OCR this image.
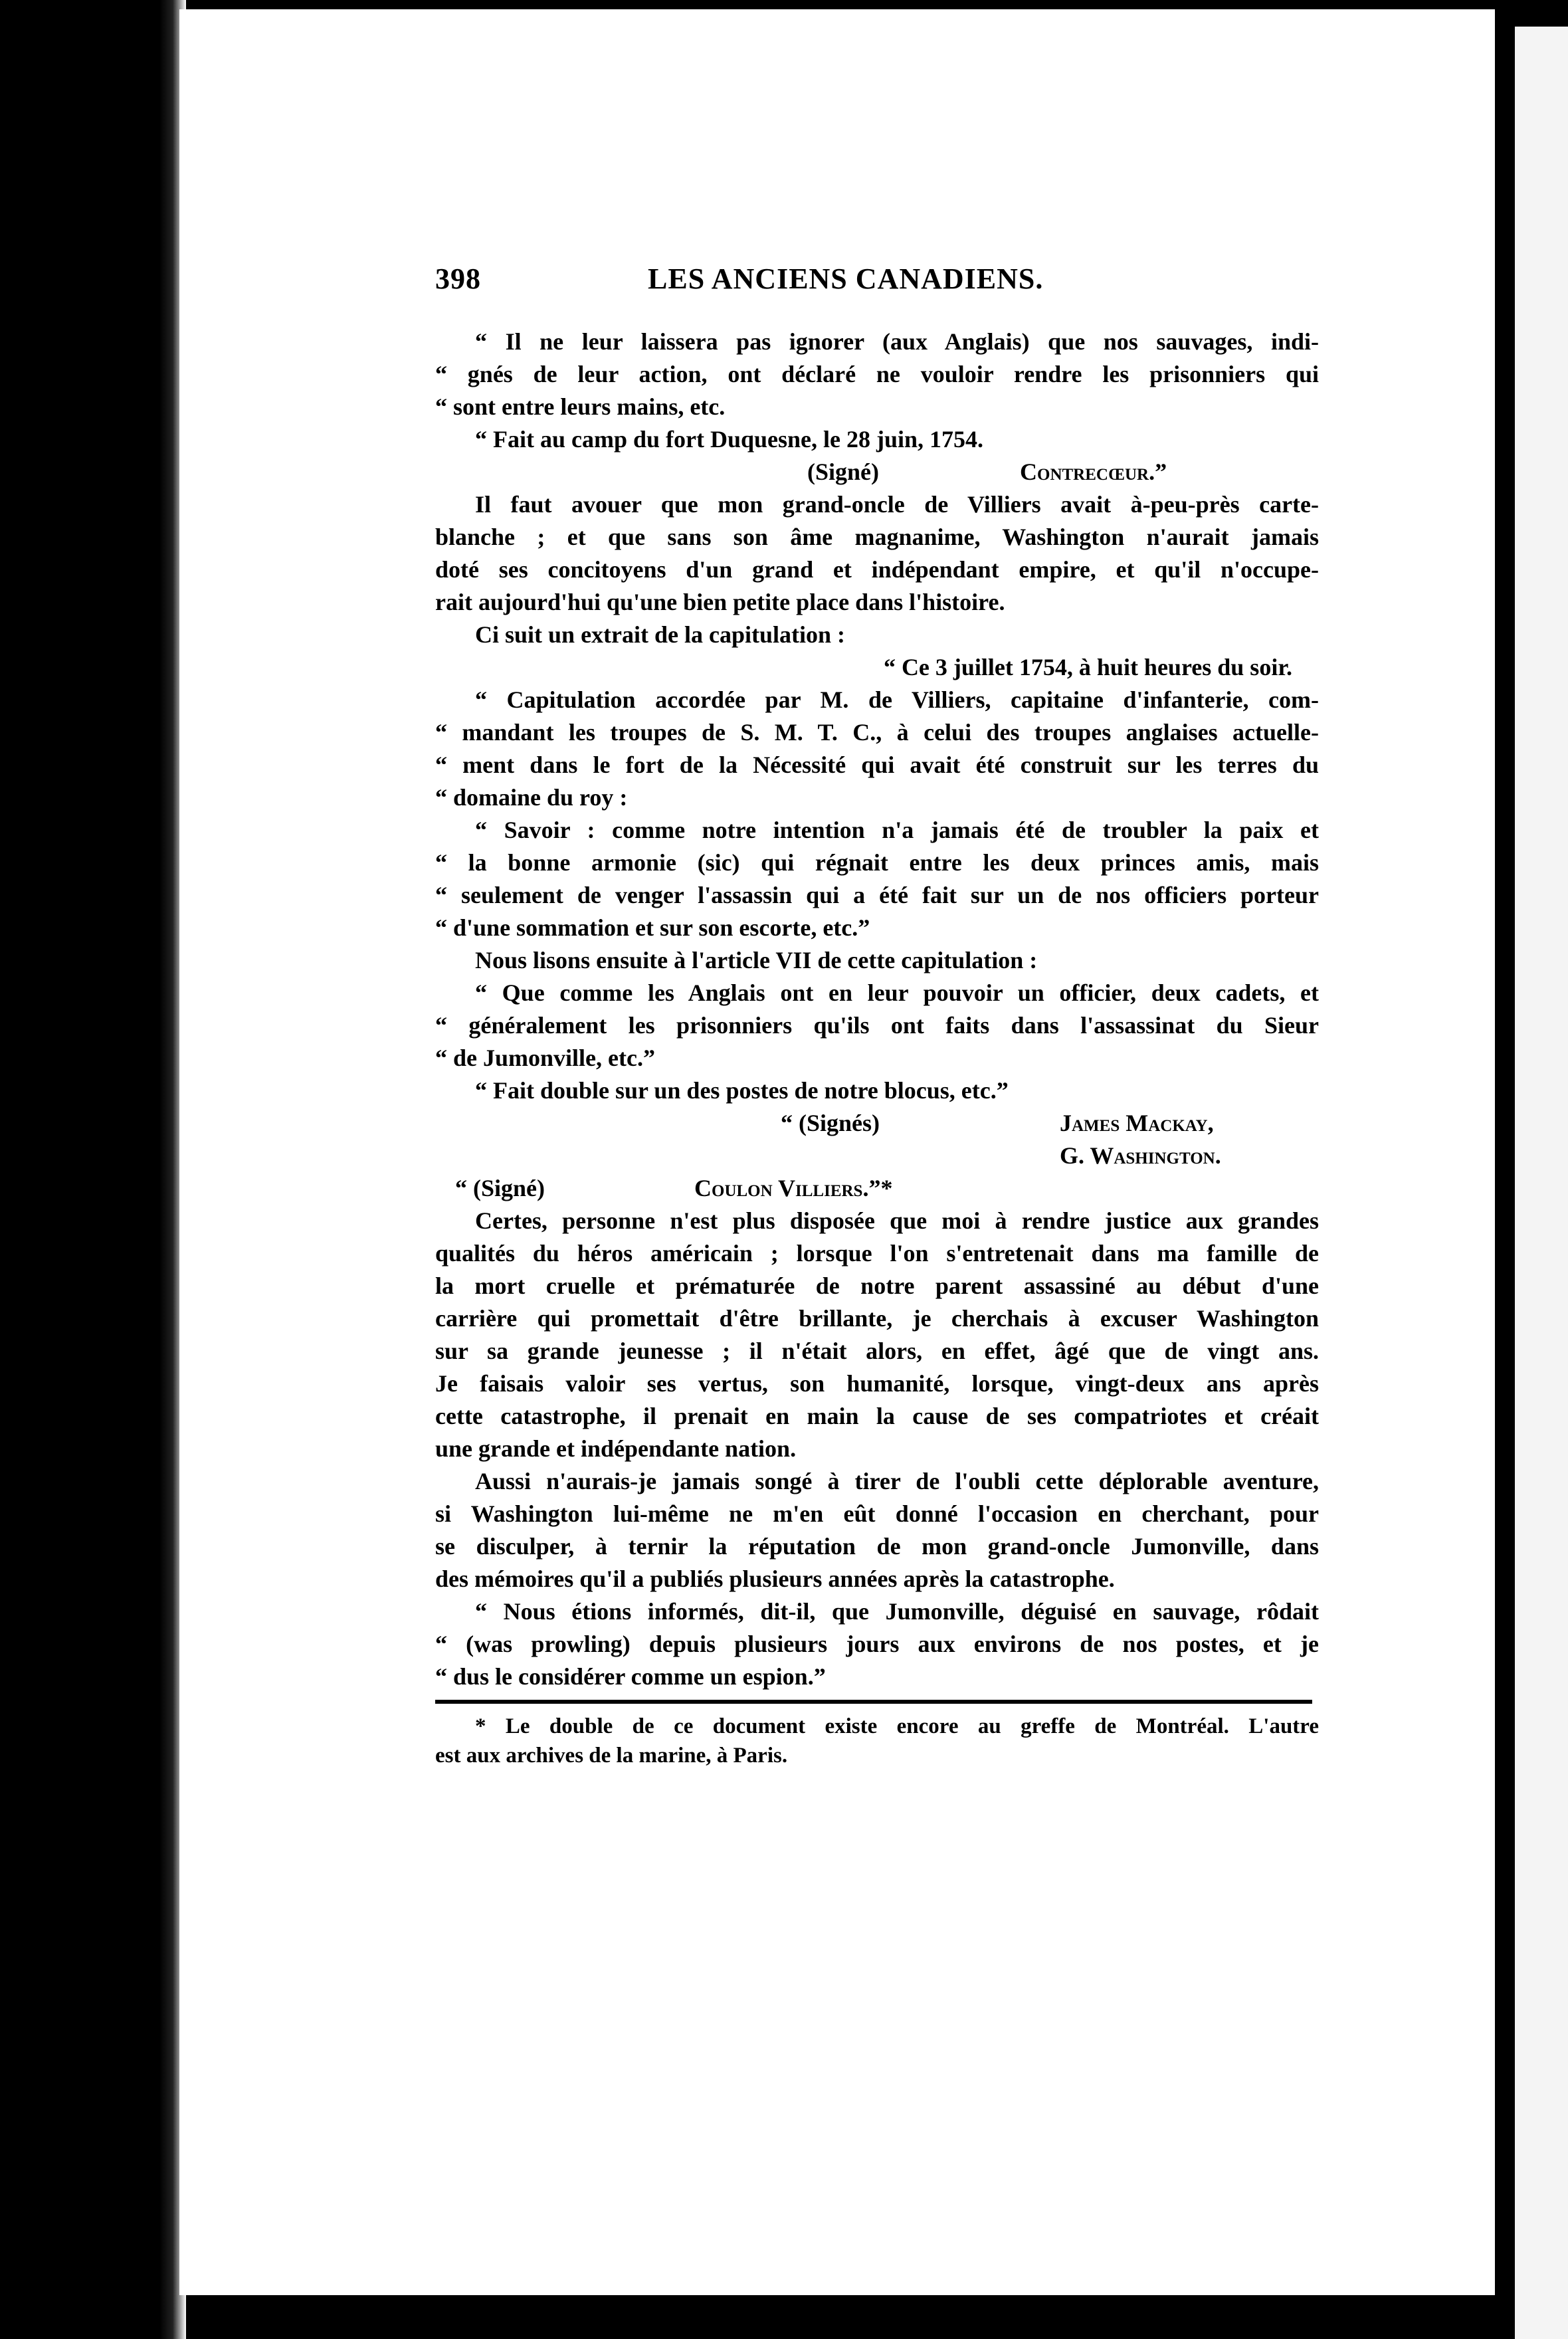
398	LES ANCIENS CANADIENS.
“ Il ne leur laissera pas ignorer (aux Anglais) que nos sauvages, indi-
“ gnés de leur action, ont déclaré ne vouloir rendre les prisonniers qui
“ sont entre leurs mains, etc.
“ Fait au camp du fort Duquesne, le 28 juin, 1754.
(Signé)	Contrecœur.”
Il faut avouer que mon grand-oncle de Villiers avait à-peu-près carte-
blanche ; et que sans son âme magnanime, Washington n'aurait jamais
doté ses concitoyens d'un grand et indépendant empire, et qu'il n'occupe-
rait aujourd'hui qu'une bien petite place dans l'histoire.
Ci suit un extrait de la capitulation :
“ Ce 3 juillet 1754, à huit heures du soir.
“ Capitulation accordée par M. de Villiers, capitaine d'infanterie, com-
“ mandant les troupes de S. M. T. C., à celui des troupes anglaises actuelle-
“ ment dans le fort de la Nécessité qui avait été construit sur les terres du
“ domaine du roy :
“ Savoir : comme notre intention n'a jamais été de troubler la paix et
“ la bonne armonie (sic) qui régnait entre les deux princes amis, mais
“ seulement de venger l'assassin qui a été fait sur un de nos officiers porteur
“ d'une sommation et sur son escorte, etc.”
Nous lisons ensuite à l'article VII de cette capitulation :
“ Que comme les Anglais ont en leur pouvoir un officier, deux cadets, et
“ généralement les prisonniers qu'ils ont faits dans l'assassinat du Sieur
“ de Jumonville, etc.”
“ Fait double sur un des postes de notre blocus, etc.”
“ (Signés)	James Mackay,
G. Washington.
“ (Signé)	Coulon Villiers.”*
Certes, personne n'est plus disposée que moi à rendre justice aux grandes
qualités du héros américain ; lorsque l'on s'entretenait dans ma famille de
la mort cruelle et prématurée de notre parent assassiné au début d'une
carrière qui promettait d'être brillante, je cherchais à excuser Washington
sur sa grande jeunesse ; il n'était alors, en effet, âgé que de vingt ans.
Je faisais valoir ses vertus, son humanité, lorsque, vingt-deux ans après
cette catastrophe, il prenait en main la cause de ses compatriotes et créait
une grande et indépendante nation.
Aussi n'aurais-je jamais songé à tirer de l'oubli cette déplorable aventure,
si Washington lui-même ne m'en eût donné l'occasion en cherchant, pour
se disculper, à ternir la réputation de mon grand-oncle Jumonville, dans
des mémoires qu'il a publiés plusieurs années après la catastrophe.
“ Nous étions informés, dit-il, que Jumonville, déguisé en sauvage, rôdait
“ (was prowling) depuis plusieurs jours aux environs de nos postes, et je
“ dus le considérer comme un espion.”
* Le double de ce document existe encore au greffe de Montréal. L'autre
est aux archives de la marine, à Paris.
